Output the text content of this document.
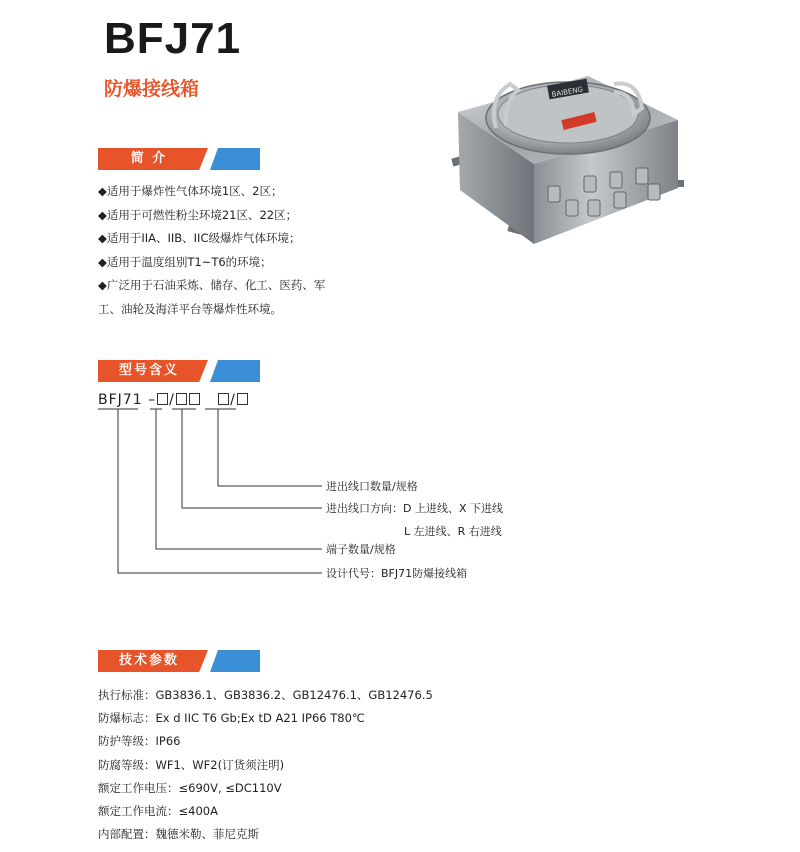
BFJ71
防爆接线箱	BAIBENG
简 介
◆适用于爆炸性气体环境1区、2区；
◆适用于可燃性粉尘环境21区、22区；
◆适用于IIA、IIB、IIC级爆炸气体环境；
◆适用于温度组别T1~T6的环境；
◆广泛用于石油采炼、储存、化工、医药、军
工、油轮及海洋平台等爆炸性环境。
型号含义
BFJ71 – /	/
进出线口数量/规格
进出线口方向：D 上进线、X 下进线
L 左进线、R 右进线
端子数量/规格
设计代号：BFJ71防爆接线箱
技术参数
执行标准：GB3836.1、GB3836.2、GB12476.1、GB12476.5
防爆标志：Ex d IIC T6 Gb;Ex tD A21 IP66 T80℃
防护等级：IP66
防腐等级：WF1、WF2(订货须注明)
额定工作电压：≤690V, ≤DC110V
额定工作电流：≤400A
内部配置：魏德米勒、菲尼克斯
